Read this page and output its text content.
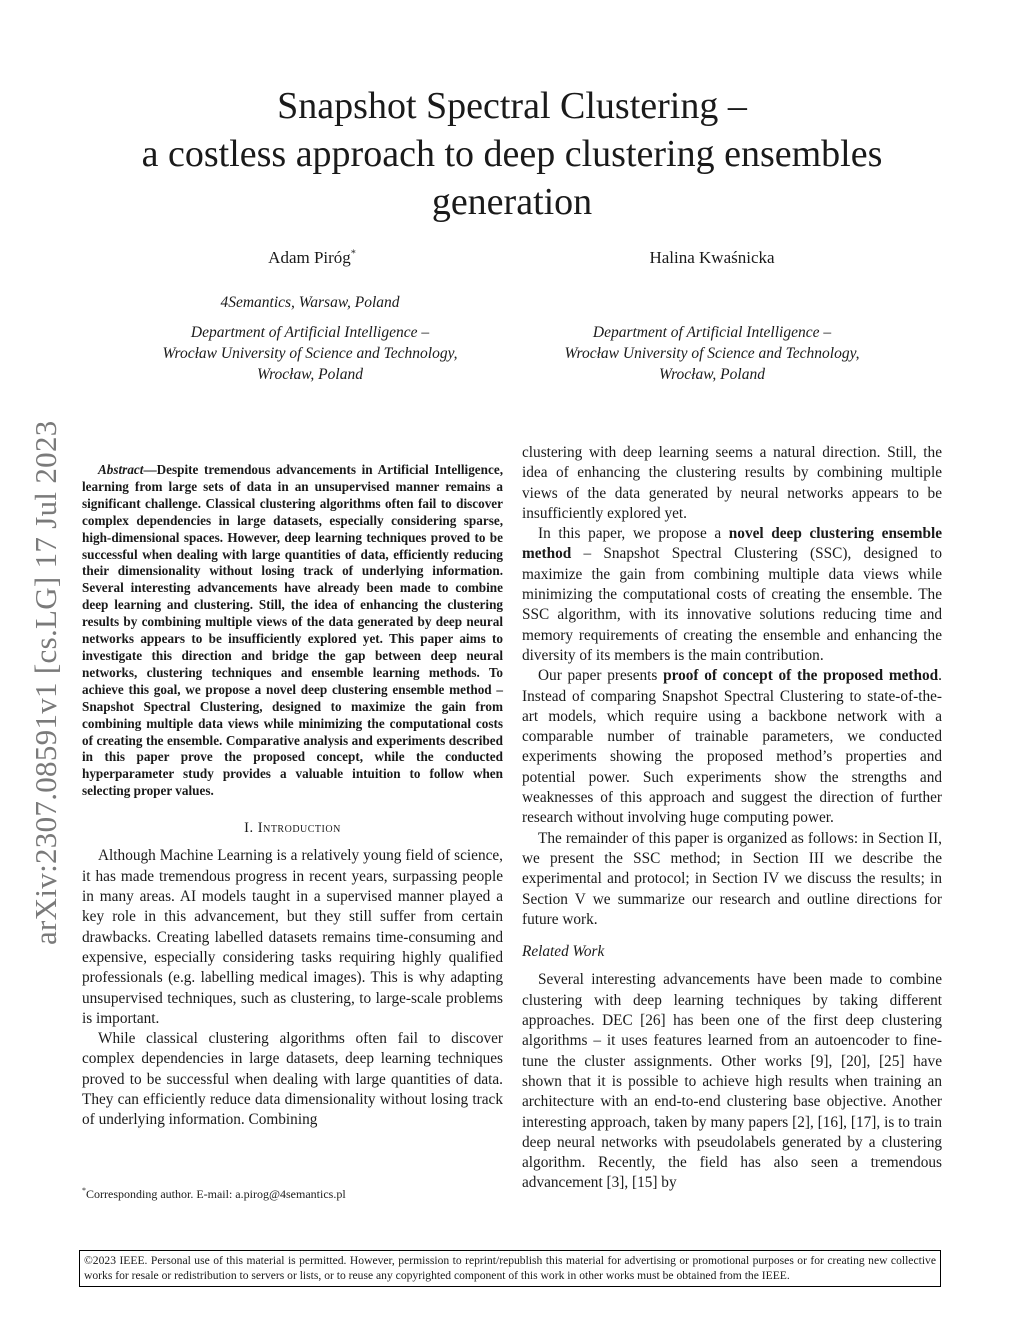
Snapshot Spectral Clustering –
a costless approach to deep clustering ensembles
generation
Adam Piróg*	Halina Kwaśnicka
4Semantics, Warsaw, Poland
Department of Artificial Intelligence –
Wrocław University of Science and Technology,
Wrocław, Poland
Department of Artificial Intelligence –
Wrocław University of Science and Technology,
Wrocław, Poland
arXiv:2307.08591v1 [cs.LG] 17 Jul 2023	Abstract—Despite tremendous advancements in Artificial Intelligence, learning from large sets of data in an unsupervised manner remains a significant challenge. Classical clustering algorithms often fail to discover complex dependencies in large datasets, especially considering sparse, high-dimensional spaces. However, deep learning techniques proved to be successful when dealing with large quantities of data, efficiently reducing their dimensionality without losing track of underlying information. Several interesting advancements have already been made to combine deep learning and clustering. Still, the idea of enhancing the clustering results by combining multiple views of the data generated by deep neural networks appears to be insufficiently explored yet. This paper aims to investigate this direction and bridge the gap between deep neural networks, clustering techniques and ensemble learning methods. To achieve this goal, we propose a novel deep clustering ensemble method – Snapshot Spectral Clustering, designed to maximize the gain from combining multiple data views while minimizing the computational costs of creating the ensemble. Comparative analysis and experiments described in this paper prove the proposed concept, while the conducted hyperparameter study provides a valuable intuition to follow when selecting proper values.

I. Introduction

Although Machine Learning is a relatively young field of science, it has made tremendous progress in recent years, surpassing people in many areas. AI models taught in a supervised manner played a key role in this advancement, but they still suffer from certain drawbacks. Creating labelled datasets remains time-consuming and expensive, especially considering tasks requiring highly qualified professionals (e.g. labelling medical images). This is why adapting unsupervised techniques, such as clustering, to large-scale problems is important.

While classical clustering algorithms often fail to discover complex dependencies in large datasets, deep learning techniques proved to be successful when dealing with large quantities of data. They can efficiently reduce data dimensionality without losing track of underlying information. Combining

clustering with deep learning seems a natural direction. Still, the idea of enhancing the clustering results by combining multiple views of the data generated by neural networks appears to be insufficiently explored yet.

In this paper, we propose a novel deep clustering ensemble method – Snapshot Spectral Clustering (SSC), designed to maximize the gain from combining multiple data views while minimizing the computational costs of creating the ensemble. The SSC algorithm, with its innovative solutions reducing time and memory requirements of creating the ensemble and enhancing the diversity of its members is the main contribution.

Our paper presents proof of concept of the proposed method. Instead of comparing Snapshot Spectral Clustering to state-of-the-art models, which require using a backbone network with a comparable number of trainable parameters, we conducted experiments showing the proposed method’s properties and potential power. Such experiments show the strengths and weaknesses of this approach and suggest the direction of further research without involving huge computing power.

The remainder of this paper is organized as follows: in Section II, we present the SSC method; in Section III we describe the experimental and protocol; in Section IV we discuss the results; in Section V we summarize our research and outline directions for future work.

Related Work

Several interesting advancements have been made to combine clustering with deep learning techniques by taking different approaches. DEC [26] has been one of the first deep clustering algorithms – it uses features learned from an autoencoder to fine-tune the cluster assignments. Other works [9], [20], [25] have shown that it is possible to achieve high results when training an architecture with an end-to-end clustering base objective. Another interesting approach, taken by many papers [2], [16], [17], is to train deep neural networks with pseudolabels generated by a clustering algorithm. Recently, the field has also seen a tremendous advancement [3], [15] by

*Corresponding author. E-mail: a.pirog@4semantics.pl
©2023 IEEE. Personal use of this material is permitted. However, permission to reprint/republish this material for advertising or promotional purposes or for creating new collective works for resale or redistribution to servers or lists, or to reuse any copyrighted component of this work in other works must be obtained from the IEEE.
